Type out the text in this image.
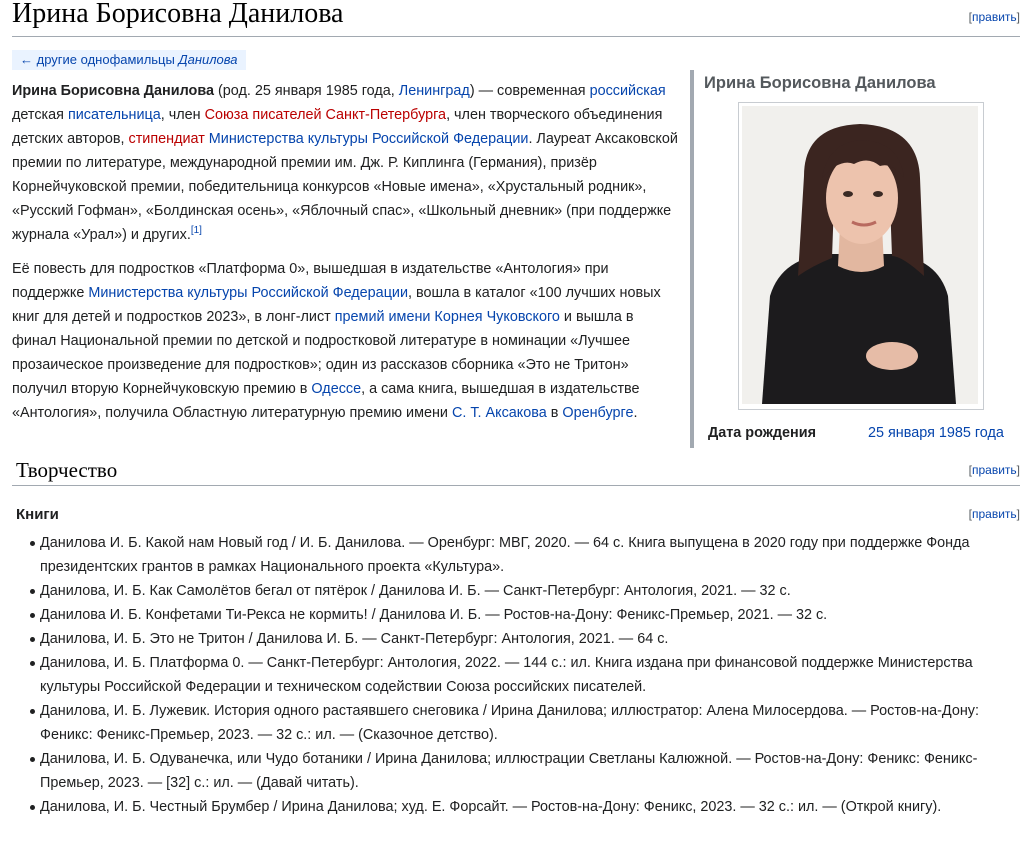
Ирина Борисовна Данилова	[править]
← другие однофамильцы Данилова

Ирина Борисовна Данилова (род. 25 января 1985 года, Ленинград) — современная российская детская писательница, член Союза писателей Санкт-Петербурга, член творческого объединения детских авторов, стипендиат Министерства культуры Российской Федерации. Лауреат Аксаковской премии по литературе, международной премии им. Дж. Р. Киплинга (Германия), призёр Корнейчуковской премии, победительница конкурсов «Новые имена», «Хрустальный родник», «Русский Гофман», «Болдинская осень», «Яблочный спас», «Школьный дневник» (при поддержке журнала «Урал») и других.[1]

Её повесть для подростков «Платформа 0», вышедшая в издательстве «Антология» при поддержке Министерства культуры Российской Федерации, вошла в каталог «100 лучших новых книг для детей и подростков 2023», в лонг-лист премий имени Корнея Чуковского и вышла в финал Национальной премии по детской и подростковой литературе в номинации «Лучшее прозаическое произведение для подростков»; один из рассказов сборника «Это не Тритон» получил вторую Корнейчуковскую премию в Одессе, а сама книга, вышедшая в издательстве «Антология», получила Областную литературную премию имени С. Т. Аксакова в Оренбурге.

Ирина Борисовна Данилова
Дата рождения	25 января 1985 года
Творчество	[править]
Книги	[править]
Данилова И. Б. Какой нам Новый год / И. Б. Данилова. — Оренбург: МВГ, 2020. — 64 с. Книга выпущена в 2020 году при поддержке Фонда президентских грантов в рамках Национального проекта «Культура».
Данилова, И. Б. Как Самолётов бегал от пятёрок / Данилова И. Б. — Санкт-Петербург: Антология, 2021. — 32 с.
Данилова И. Б. Конфетами Ти-Рекса не кормить! / Данилова И. Б. — Ростов-на-Дону: Феникс-Премьер, 2021. — 32 с.
Данилова, И. Б. Это не Тритон / Данилова И. Б. — Санкт-Петербург: Антология, 2021. — 64 с.
Данилова, И. Б. Платформа 0. — Санкт-Петербург: Антология, 2022. — 144 с.: ил. Книга издана при финансовой поддержке Министерства культуры Российской Федерации и техническом содействии Союза российских писателей.
Данилова, И. Б. Лужевик. История одного растаявшего снеговика / Ирина Данилова; иллюстратор: Алена Милосердова. — Ростов-на-Дону: Феникс: Феникс-Премьер, 2023. — 32 с.: ил. — (Сказочное детство).
Данилова, И. Б. Одуванечка, или Чудо ботаники / Ирина Данилова; иллюстрации Светланы Калюжной. — Ростов-на-Дону: Феникс: Феникс-Премьер, 2023. — [32] с.: ил. — (Давай читать).
Данилова, И. Б. Честный Брумбер / Ирина Данилова; худ. Е. Форсайт. — Ростов-на-Дону: Феникс, 2023. — 32 с.: ил. — (Открой книгу).
